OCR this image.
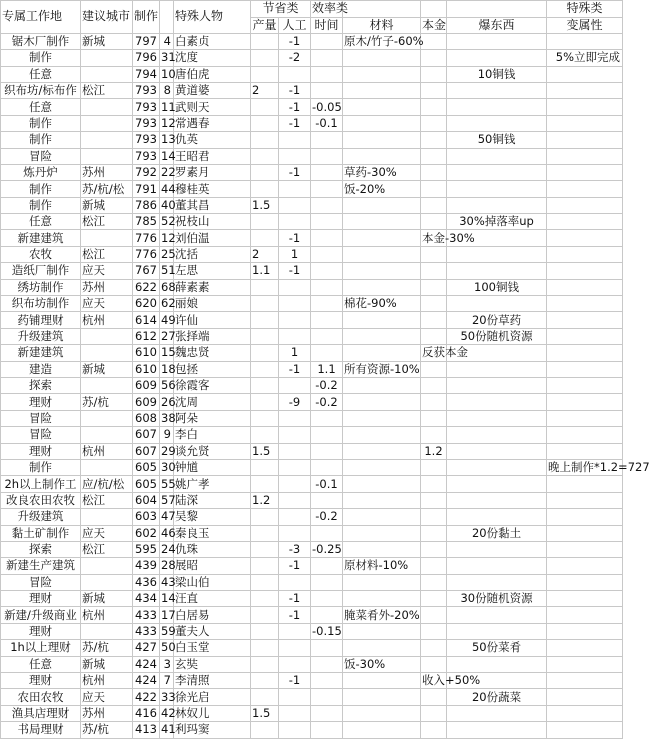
专属工作地	建议城市	制作		特殊人物	节省类		效率类				特殊类	
					产量	人工	时间	材料	本金	爆东西	变属性	
锯木厂制作	新城	797	4	白素贞		-1		原木/竹子-60%				
制作		796	31	沈度		-2					5%立即完成	
任意		794	10	唐伯虎						10铜钱		
织布坊/标布作	松江	793	8	黄道婆	2	-1						
任意		793	11	武则天		-1	-0.05					
制作		793	12	常遇春		-1	-0.1					
制作		793	13	仇英						50铜钱		
冒险		793	14	王昭君								
炼丹炉	苏州	792	22	罗素月		-1		草药-30%				
制作	苏/杭/松	791	44	穆桂英				饭-20%				
制作	新城	786	40	董其昌	1.5							
任意	松江	785	52	祝枝山						30%掉落率up		
新建建筑		776	12	刘伯温		-1			本金-30%			
农牧	松江	776	25	沈括	2	1						
造纸厂制作	应天	767	51	左思	1.1	-1						
绣坊制作	苏州	622	68	薛素素						100铜钱		
织布坊制作	应天	620	62	丽娘				棉花-90%				
药铺理财	杭州	614	49	许仙						20份草药		
升级建筑		612	27	张择端						50份随机资源		
新建建筑		610	15	魏忠贤		1			反获本金			
建造	新城	610	18	包拯		-1	1.1	所有资源-10%				
探索		609	56	徐霞客			-0.2					
理财	苏/杭	609	26	沈周		-9	-0.2					
冒险		608	38	阿朵								
冒险		607	9	李白								
理财	杭州	607	29	谈允贤	1.5				1.2			
制作		605	30	钟馗							晚上制作*1.2=727	
2h以上制作工	应/杭/松	605	55	姚广孝			-0.1					
改良农田农牧	松江	604	57	陆深	1.2							
升级建筑		603	47	吴黎			-0.2					
黏土矿制作	应天	602	46	秦良玉						20份黏土		
探索	松江	595	24	仇珠		-3	-0.25					
新建生产建筑		439	28	展昭		-1		原材料-10%				
冒险		436	43	梁山伯								
理财	新城	434	14	汪直		-1				30份随机资源		
新建/升级商业	杭州	433	17	白居易		-1		腌菜肴外-20%				
理财		433	59	董夫人			-0.15					
1h以上理财	苏/杭	427	50	白玉堂						50份菜肴		
任意	新城	424	3	玄奘				饭-30%				
理财	杭州	424	7	李清照		-1			收入+50%			
农田农牧	应天	422	33	徐光启						20份蔬菜		
渔具店理财	苏州	416	42	林奴儿	1.5							
书局理财	苏/杭	413	41	利玛窦								
